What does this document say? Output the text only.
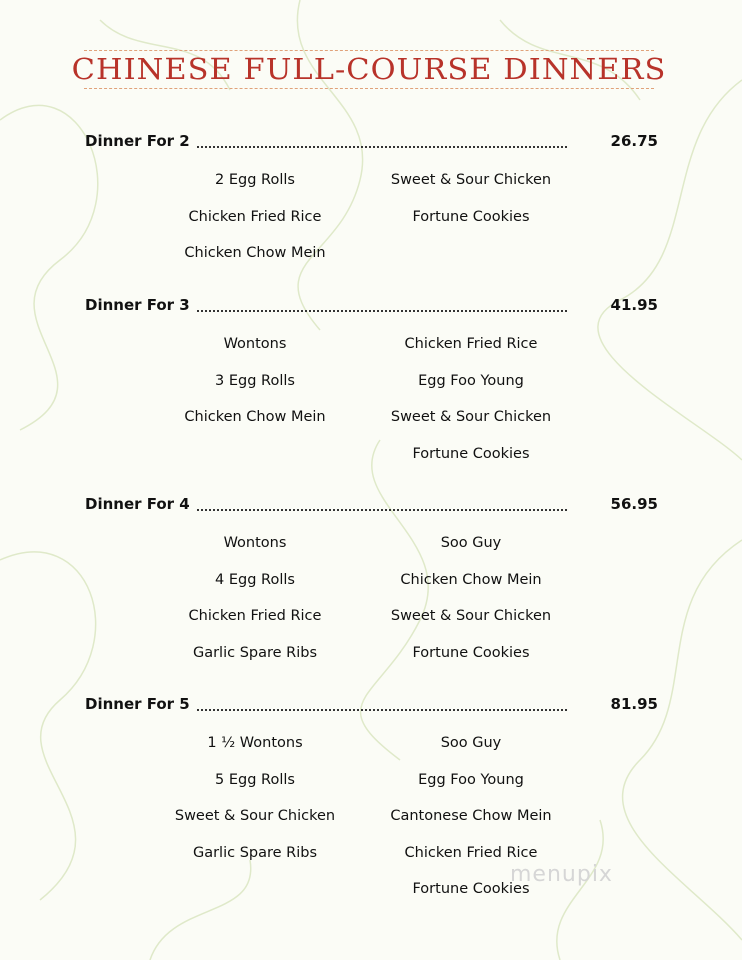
CHINESE FULL-COURSE DINNERS
Dinner For 2	26.75
2 Egg Rolls
Chicken Fried Rice
Chicken Chow Mein
Sweet & Sour Chicken
Fortune Cookies
Dinner For 3	41.95
Wontons
3 Egg Rolls
Chicken Chow Mein
Chicken Fried Rice
Egg Foo Young
Sweet & Sour Chicken
Fortune Cookies
Dinner For 4	56.95
Wontons
4 Egg Rolls
Chicken Fried Rice
Garlic Spare Ribs
Soo Guy
Chicken Chow Mein
Sweet & Sour Chicken
Fortune Cookies
Dinner For 5	81.95
1 ½ Wontons
5 Egg Rolls
Sweet & Sour Chicken
Garlic Spare Ribs
Soo Guy
Egg Foo Young
Cantonese Chow Mein
Chicken Fried Rice
Fortune Cookies
menupix
